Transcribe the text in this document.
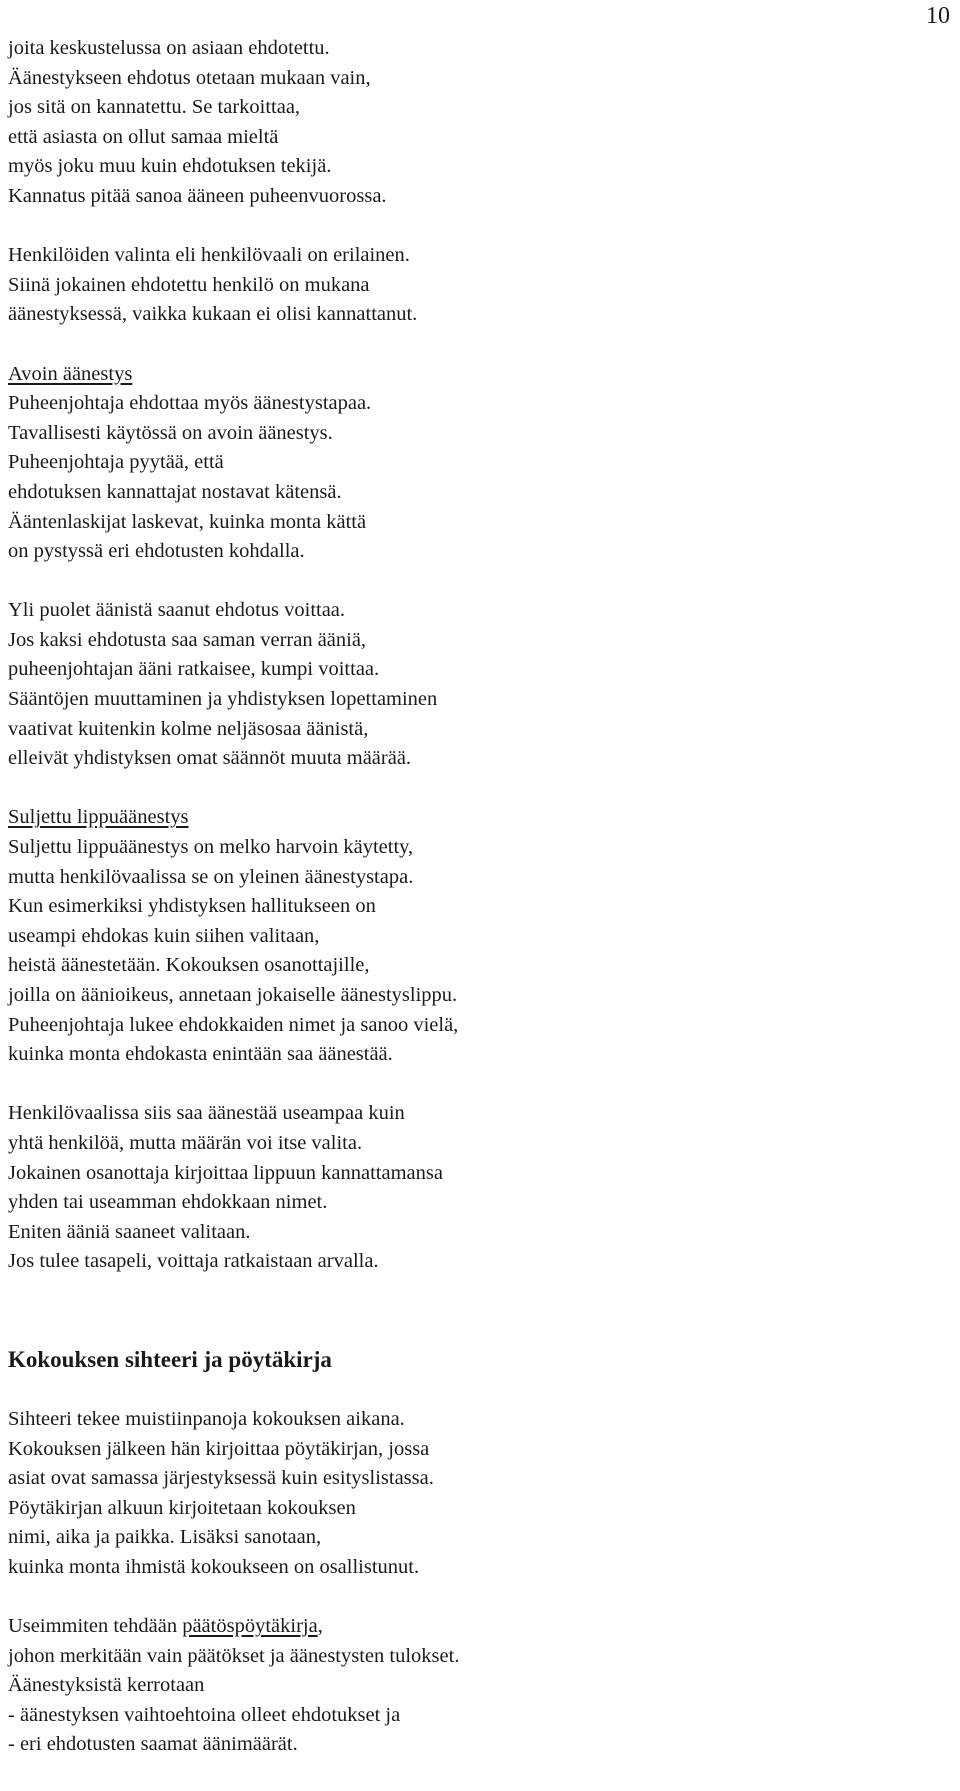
10
joita keskustelussa on asiaan ehdotettu.
Äänestykseen ehdotus otetaan mukaan vain,
jos sitä on kannatettu. Se tarkoittaa,
että asiasta on ollut samaa mieltä
myös joku muu kuin ehdotuksen tekijä.
Kannatus pitää sanoa ääneen puheenvuorossa.
Henkilöiden valinta eli henkilövaali on erilainen.
Siinä jokainen ehdotettu henkilö on mukana
äänestyksessä, vaikka kukaan ei olisi kannattanut.
Avoin äänestys
Puheenjohtaja ehdottaa myös äänestystapaa.
Tavallisesti käytössä on avoin äänestys.
Puheenjohtaja pyytää, että
ehdotuksen kannattajat nostavat kätensä.
Ääntenlaskijat laskevat, kuinka monta kättä
on pystyssä eri ehdotusten kohdalla.
Yli puolet äänistä saanut ehdotus voittaa.
Jos kaksi ehdotusta saa saman verran ääniä,
puheenjohtajan ääni ratkaisee, kumpi voittaa.
Sääntöjen muuttaminen ja yhdistyksen lopettaminen
vaativat kuitenkin kolme neljäsosaa äänistä,
elleivät yhdistyksen omat säännöt muuta määrää.
Suljettu lippuäänestys
Suljettu lippuäänestys on melko harvoin käytetty,
mutta henkilövaalissa se on yleinen äänestystapa.
Kun esimerkiksi yhdistyksen hallitukseen on
useampi ehdokas kuin siihen valitaan,
heistä äänestetään. Kokouksen osanottajille,
joilla on äänioikeus, annetaan jokaiselle äänestyslippu.
Puheenjohtaja lukee ehdokkaiden nimet ja sanoo vielä,
kuinka monta ehdokasta enintään saa äänestää.
Henkilövaalissa siis saa äänestää useampaa kuin
yhtä henkilöä, mutta määrän voi itse valita.
Jokainen osanottaja kirjoittaa lippuun kannattamansa
yhden tai useamman ehdokkaan nimet.
Eniten ääniä saaneet valitaan.
Jos tulee tasapeli, voittaja ratkaistaan arvalla.
Kokouksen sihteeri ja pöytäkirja
Sihteeri tekee muistiinpanoja kokouksen aikana.
Kokouksen jälkeen hän kirjoittaa pöytäkirjan, jossa
asiat ovat samassa järjestyksessä kuin esityslistassa.
Pöytäkirjan alkuun kirjoitetaan kokouksen
nimi, aika ja paikka. Lisäksi sanotaan,
kuinka monta ihmistä kokoukseen on osallistunut.
Useimmiten tehdään päätöspöytäkirja,
johon merkitään vain päätökset ja äänestysten tulokset.
Äänestyksistä kerrotaan
- äänestyksen vaihtoehtoina olleet ehdotukset ja
- eri ehdotusten saamat äänimäärät.
